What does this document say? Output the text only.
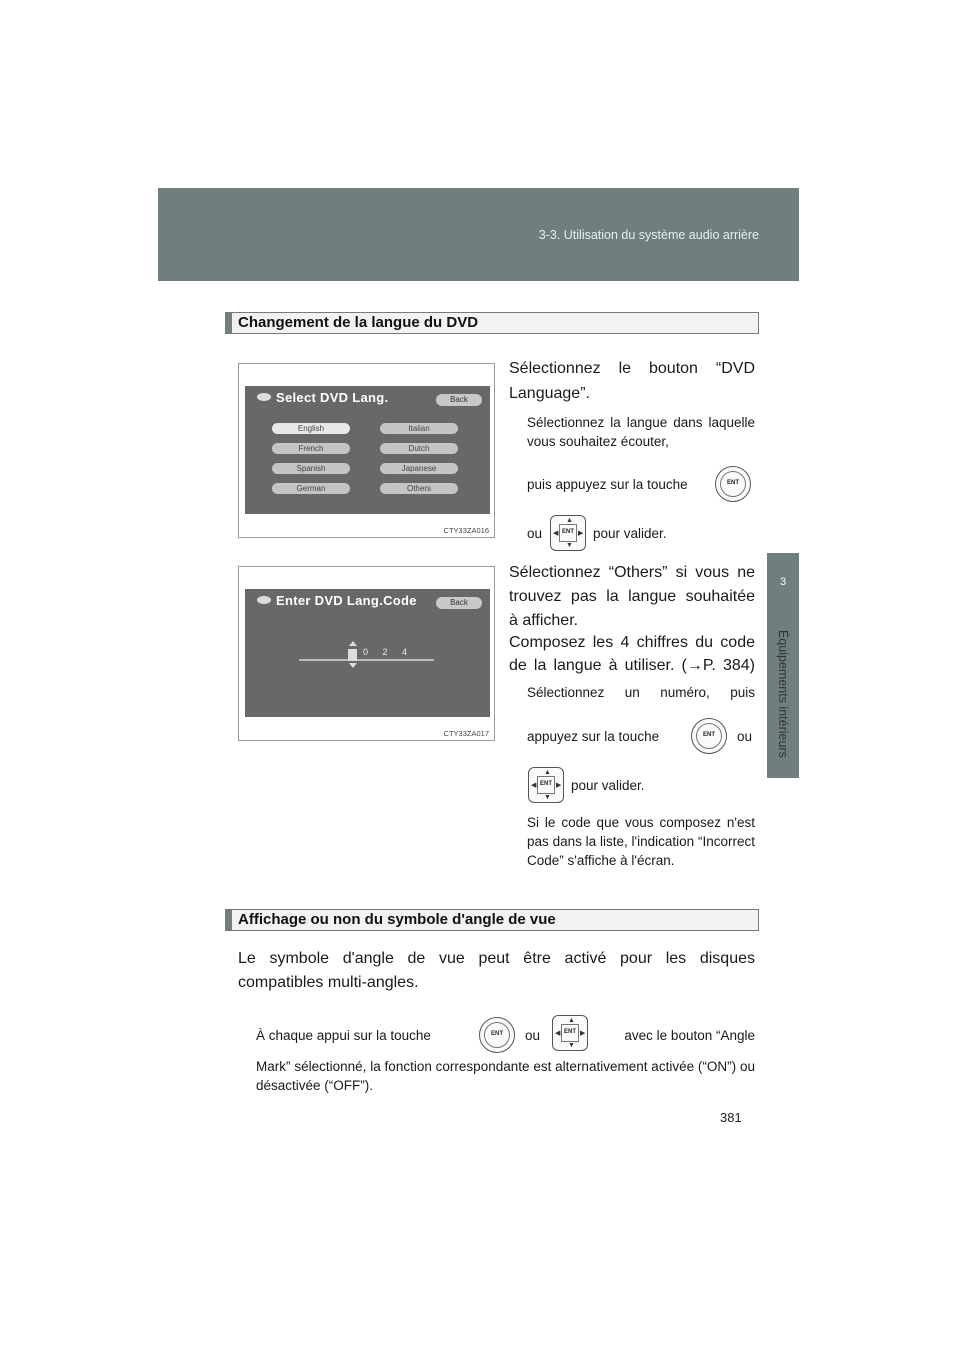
3-3. Utilisation du système audio arrière
3
Équipements intérieurs
Changement de la langue du DVD
Select DVD Lang.	Back
English	Italian
French	Dutch
Spanish	Japanese
German	Others
CTY33ZA016
Sélectionnez le bouton “DVD Language”.
Sélectionnez la langue dans laquelle vous souhaitez écouter,
puis appuyez sur la touche	ENT
ou
▲
▼
◀	▶
ENT	pour valider.
Enter DVD Lang.Code	Back
0 2 4
CTY33ZA017
Sélectionnez “Others” si vous ne
trouvez pas la langue souhaitée
à afficher.
Composez les 4 chiffres du code
de la langue à utiliser. (→P. 384)
Sélectionnez un numéro, puis
appuyez sur la touche	ENT	ou
▲
▼
◀	▶
ENT	pour valider.
Si le code que vous composez n'est pas dans la liste, l'indication “Incorrect Code” s'affiche à l'écran.
Affichage ou non du symbole d'angle de vue
Le symbole d'angle de vue peut être activé pour les disques
compatibles multi-angles.
À chaque appui sur la touche	ENT	ou
▲
▼
◀	▶
ENT	avec le bouton “Angle
Mark” sélectionné, la fonction correspondante est alternativement activée (“ON”) ou désactivée (“OFF”).
381
